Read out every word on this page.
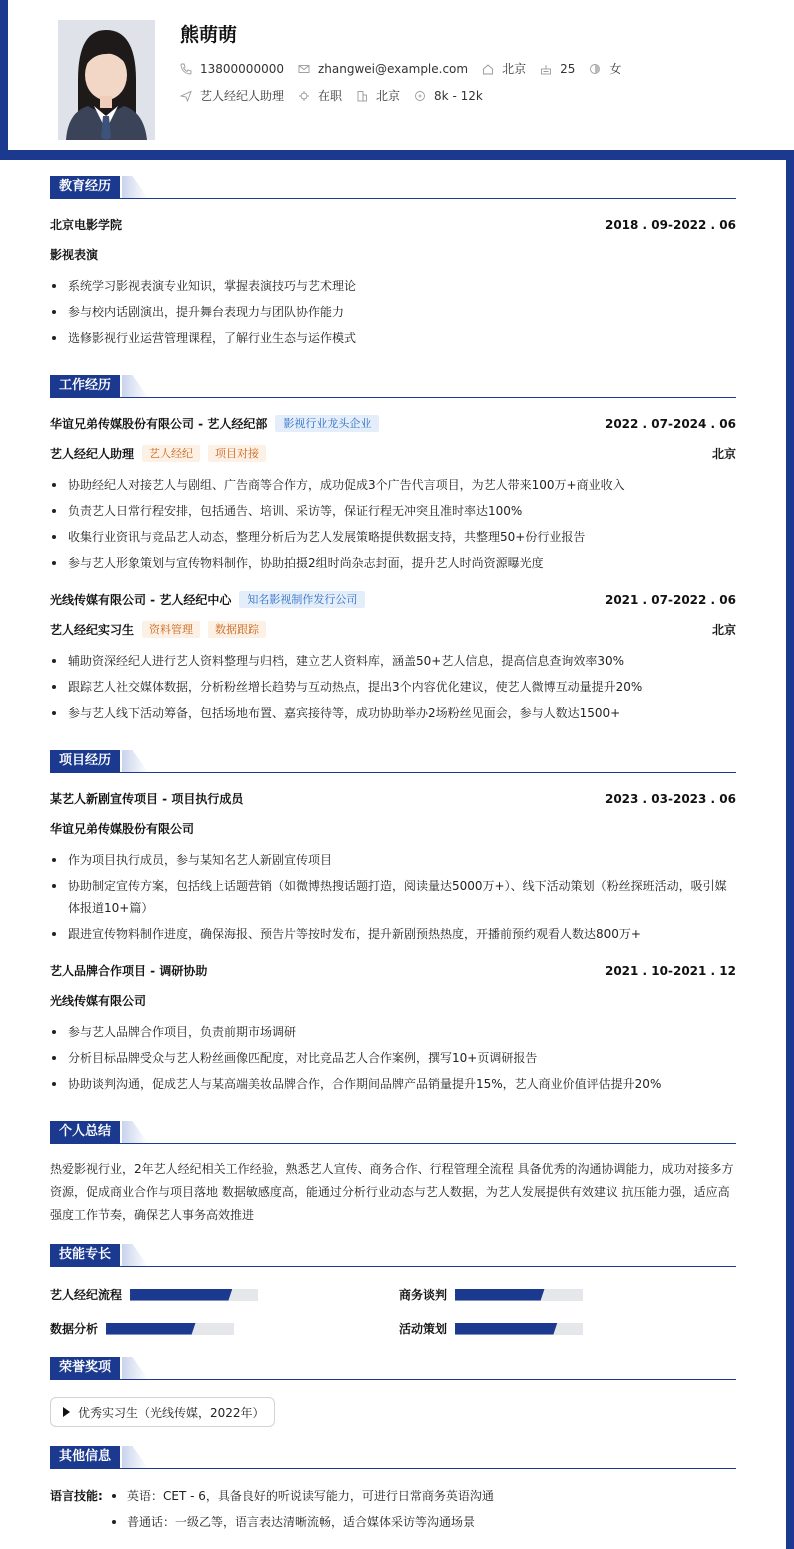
熊萌萌
13800000000	zhangwei@example.com	北京	25	女
艺人经纪人助理	在职	北京	8k - 12k
教育经历
北京电影学院	2018 . 09-2022 . 06
影视表演
系统学习影视表演专业知识，掌握表演技巧与艺术理论
参与校内话剧演出，提升舞台表现力与团队协作能力
选修影视行业运营管理课程，了解行业生态与运作模式
工作经历
华谊兄弟传媒股份有限公司 - 艺人经纪部	影视行业龙头企业	2022 . 07-2024 . 06
艺人经纪人助理	艺人经纪	项目对接	北京
协助经纪人对接艺人与剧组、广告商等合作方，成功促成3个广告代言项目，为艺人带来100万+商业收入
负责艺人日常行程安排，包括通告、培训、采访等，保证行程无冲突且准时率达100%
收集行业资讯与竞品艺人动态，整理分析后为艺人发展策略提供数据支持，共整理50+份行业报告
参与艺人形象策划与宣传物料制作，协助拍摄2组时尚杂志封面，提升艺人时尚资源曝光度
光线传媒有限公司 - 艺人经纪中心	知名影视制作发行公司	2021 . 07-2022 . 06
艺人经纪实习生	资料管理	数据跟踪	北京
辅助资深经纪人进行艺人资料整理与归档，建立艺人资料库，涵盖50+艺人信息，提高信息查询效率30%
跟踪艺人社交媒体数据，分析粉丝增长趋势与互动热点，提出3个内容优化建议，使艺人微博互动量提升20%
参与艺人线下活动筹备，包括场地布置、嘉宾接待等，成功协助举办2场粉丝见面会，参与人数达1500+
项目经历
某艺人新剧宣传项目 - 项目执行成员	2023 . 03-2023 . 06
华谊兄弟传媒股份有限公司
作为项目执行成员，参与某知名艺人新剧宣传项目
协助制定宣传方案，包括线上话题营销（如微博热搜话题打造，阅读量达5000万+）、线下活动策划（粉丝探班活动，吸引媒体报道10+篇）
跟进宣传物料制作进度，确保海报、预告片等按时发布，提升新剧预热热度，开播前预约观看人数达800万+
艺人品牌合作项目 - 调研协助	2021 . 10-2021 . 12
光线传媒有限公司
参与艺人品牌合作项目，负责前期市场调研
分析目标品牌受众与艺人粉丝画像匹配度，对比竞品艺人合作案例，撰写10+页调研报告
协助谈判沟通，促成艺人与某高端美妆品牌合作，合作期间品牌产品销量提升15%，艺人商业价值评估提升20%
个人总结
热爱影视行业，2年艺人经纪相关工作经验，熟悉艺人宣传、商务合作、行程管理全流程 具备优秀的沟通协调能力，成功对接多方资源，促成商业合作与项目落地 数据敏感度高，能通过分析行业动态与艺人数据，为艺人发展提供有效建议 抗压能力强，适应高强度工作节奏，确保艺人事务高效推进
技能专长
艺人经纪流程	商务谈判
数据分析	活动策划
荣誉奖项
优秀实习生（光线传媒，2022年）
其他信息
语言技能:	英语：CET - 6，具备良好的听说读写能力，可进行日常商务英语沟通
普通话：一级乙等，语言表达清晰流畅，适合媒体采访等沟通场景
